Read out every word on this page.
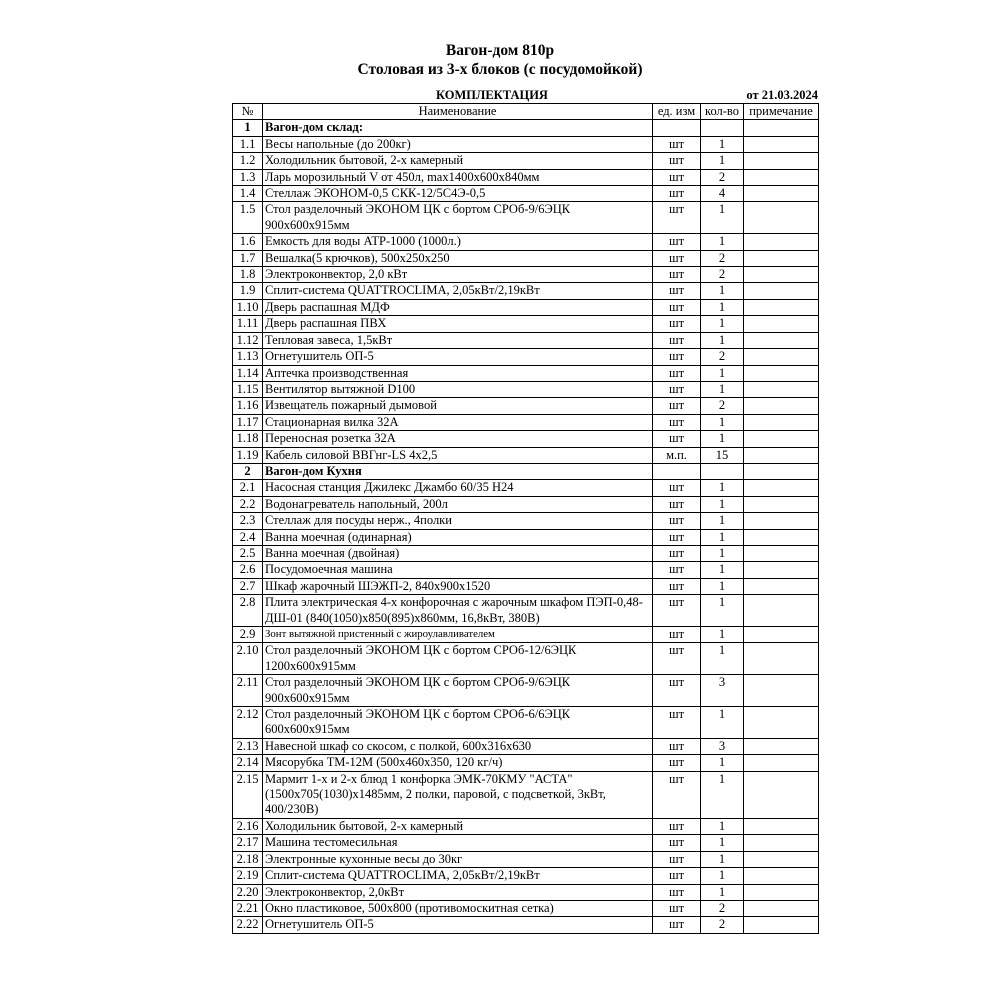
Вагон-дом 810р
Столовая из 3-х блоков (с посудомойкой)
КОМПЛЕКТАЦИЯ	от 21.03.2024
№	Наименование	ед. изм	кол-во	примечание
1	Вагон-дом склад:			
1.1	Весы напольные (до 200кг)	шт	1	
1.2	Холодильник бытовой, 2-х камерный	шт	1	
1.3	Ларь морозильный V от 450л, max1400x600x840мм	шт	2	
1.4	Стеллаж ЭКОНОМ-0,5 СКК-12/5С4Э-0,5	шт	4	
1.5	Стол разделочный ЭКОНОМ ЦК с бортом СРОб-9/6ЭЦК 900х600х915мм	шт	1	
1.6	Емкость для воды АТР-1000 (1000л.)	шт	1	
1.7	Вешалка(5 крючков), 500х250х250	шт	2	
1.8	Электроконвектор, 2,0 кВт	шт	2	
1.9	Сплит-система QUATTROCLIMA, 2,05кВт/2,19кВт	шт	1	
1.10	Дверь распашная МДФ	шт	1	
1.11	Дверь распашная ПВХ	шт	1	
1.12	Тепловая завеса, 1,5кВт	шт	1	
1.13	Огнетушитель ОП-5	шт	2	
1.14	Аптечка производственная	шт	1	
1.15	Вентилятор вытяжной D100	шт	1	
1.16	Извещатель пожарный дымовой	шт	2	
1.17	Стационарная вилка 32А	шт	1	
1.18	Переносная розетка 32А	шт	1	
1.19	Кабель силовой ВВГнг-LS 4х2,5	м.п.	15	
2	Вагон-дом Кухня			
2.1	Насосная станция Джилекс Джамбо 60/35 Н24	шт	1	
2.2	Водонагреватель напольный, 200л	шт	1	
2.3	Стеллаж для посуды нерж., 4полки	шт	1	
2.4	Ванна моечная (одинарная)	шт	1	
2.5	Ванна моечная (двойная)	шт	1	
2.6	Посудомоечная машина	шт	1	
2.7	Шкаф жарочный ШЭЖП-2, 840х900х1520	шт	1	
2.8	Плита электрическая 4-х конфорочная с жарочным шкафом ПЭП-0,48-ДШ-01 (840(1050)х850(895)х860мм, 16,8кВт, 380В)	шт	1	
2.9	Зонт вытяжной пристенный с жироулавливателем	шт	1	
2.10	Стол разделочный ЭКОНОМ ЦК с бортом СРОб-12/6ЭЦК 1200х600х915мм	шт	1	
2.11	Стол разделочный ЭКОНОМ ЦК с бортом СРОб-9/6ЭЦК 900х600х915мм	шт	3	
2.12	Стол разделочный ЭКОНОМ ЦК с бортом СРОб-6/6ЭЦК 600х600х915мм	шт	1	
2.13	Навесной шкаф со скосом, с полкой, 600х316х630	шт	3	
2.14	Мясорубка ТМ-12М (500х460х350, 120 кг/ч)	шт	1	
2.15	Мармит 1-х и 2-х блюд 1 конфорка ЭМК-70КМУ "АСТА" (1500х705(1030)х1485мм, 2 полки, паровой, с подсветкой, 3кВт, 400/230В)	шт	1	
2.16	Холодильник бытовой, 2-х камерный	шт	1	
2.17	Машина тестомесильная	шт	1	
2.18	Электронные кухонные весы до 30кг	шт	1	
2.19	Сплит-система QUATTROCLIMA, 2,05кВт/2,19кВт	шт	1	
2.20	Электроконвектор, 2,0кВт	шт	1	
2.21	Окно пластиковое, 500х800 (противомоскитная сетка)	шт	2	
2.22	Огнетушитель ОП-5	шт	2	
